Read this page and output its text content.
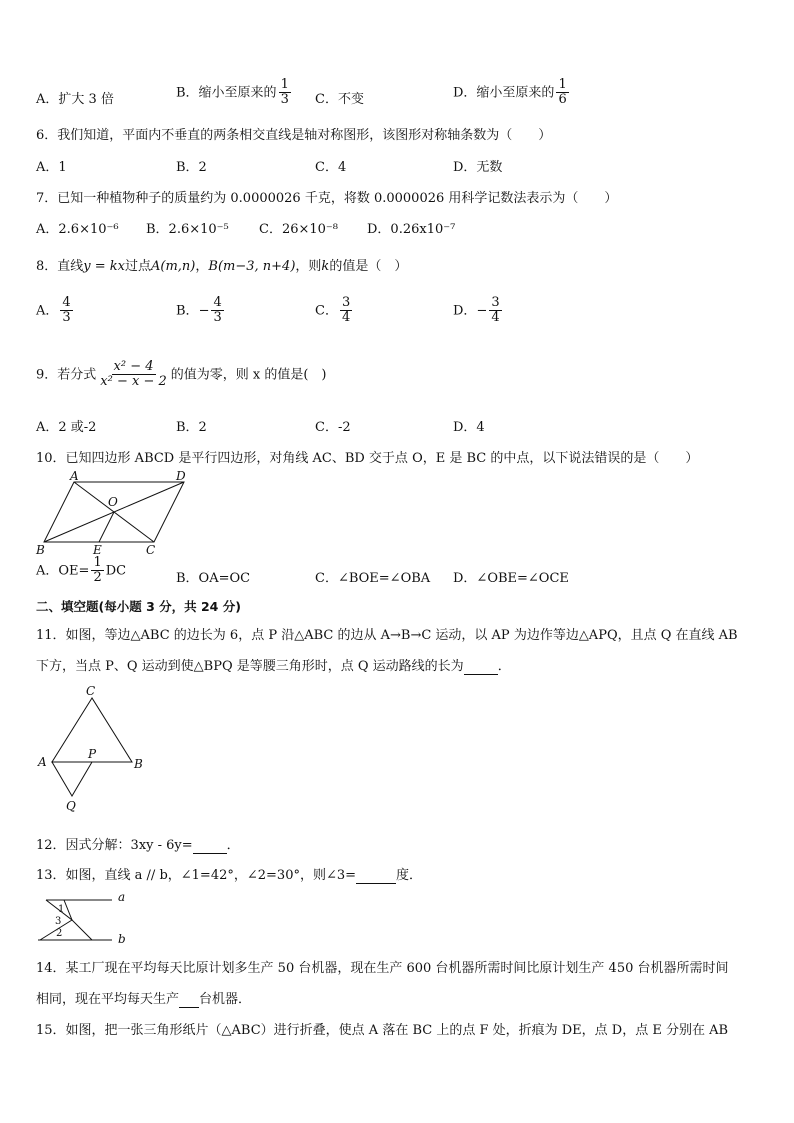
A．扩大 3 倍	B．缩小至原来的 $\frac{1}{3}$ C．不变	D．缩小至原来的 $\frac{1}{6}$
6．我们知道，平面内不垂直的两条相交直线是轴对称图形，该图形对称轴条数为（　　）
A．1	B．2	C．4	D．无数
7．已知一种植物种子的质量约为 0.0000026 千克，将数 0.0000026 用科学记数法表示为（　　）
A．2.6×10⁻⁶ B．2.6×10⁻⁵ C．26×10⁻⁸ D．0.26x10⁻⁷
8．直线y = kx过点A(m,n)，B(m−3, n+4)，则k的值是（　）
A． $\frac{4}{3}$	B．− $\frac{4}{3}$	C． $\frac{3}{4}$	D．− $\frac{3}{4}$
9．若分式 $\frac{\text{x² − 4}}{\text{x² − x − 2}}$ 的值为零，则 x 的值是(　)
A．2 或-2	B．2	C．-2	D．4
10．已知四边形 ABCD 是平行四边形，对角线 AC、BD 交于点 O，E 是 BC 的中点，以下说法错误的是（　　）
A	D
O
B	E	C
A．$OE= \frac{1}{2}$ DC
B．OA=OC	C．∠BOE=∠OBA D．∠OBE=∠OCE
二、填空题(每小题 3 分，共 24 分)
11．如图，等边△ABC 的边长为 6，点 P 沿△ABC 的边从 A→B→C 运动，以 AP 为边作等边△APQ，且点 Q 在直线 AB
下方，当点 P、Q 运动到使△BPQ 是等腰三角形时，点 Q 运动路线的长为	．
C
A
P
B
Q
12．因式分解：3xy - 6y=	．
13．如图，直线 a // b，∠1=42°，∠2=30°，则∠3=	度．
a
b
1
2
3
14．某工厂现在平均每天比原计划多生产 50 台机器，现在生产 600 台机器所需时间比原计划生产 450 台机器所需时间
相同，现在平均每天生产 台机器．
15．如图，把一张三角形纸片（△ABC）进行折叠，使点 A 落在 BC 上的点 F 处，折痕为 DE，点 D，点 E 分别在 AB
